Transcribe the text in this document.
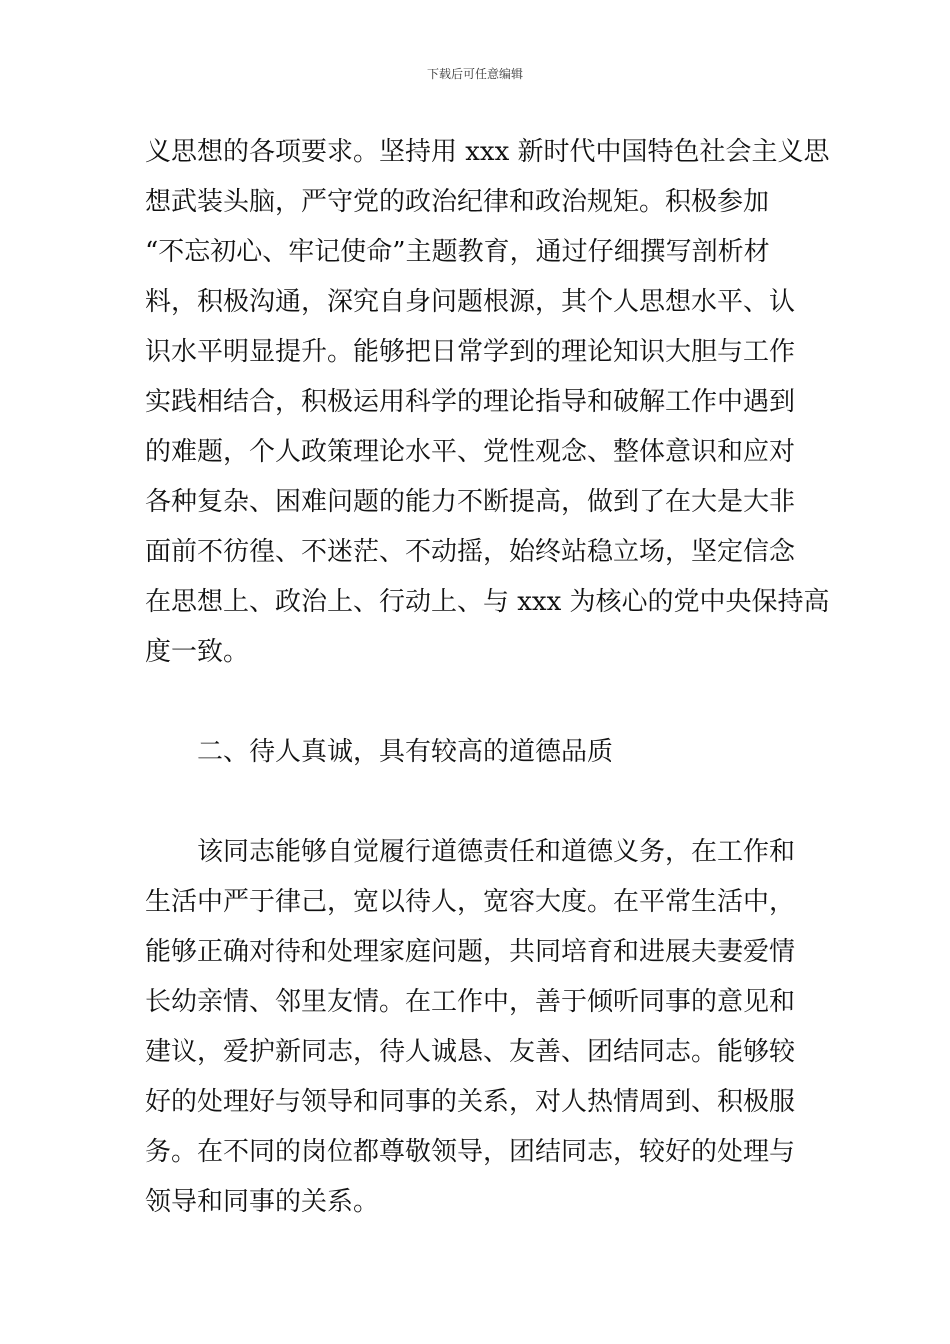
下载后可任意编辑
义思想的各项要求。坚持用 xxx 新时代中国特色社会主义思
想武装头脑，严守党的政治纪律和政治规矩。积极参加
“不忘初心、牢记使命”主题教育，通过仔细撰写剖析材
料，积极沟通，深究自身问题根源，其个人思想水平、认
识水平明显提升。能够把日常学到的理论知识大胆与工作
实践相结合，积极运用科学的理论指导和破解工作中遇到
的难题，个人政策理论水平、党性观念、整体意识和应对
各种复杂、困难问题的能力不断提高，做到了在大是大非
面前不彷徨、不迷茫、不动摇，始终站稳立场，坚定信念
在思想上、政治上、行动上、与 xxx 为核心的党中央保持高
度一致。
二、待人真诚，具有较高的道德品质
该同志能够自觉履行道德责任和道德义务，在工作和
生活中严于律己，宽以待人，宽容大度。在平常生活中，
能够正确对待和处理家庭问题，共同培育和进展夫妻爱情
长幼亲情、邻里友情。在工作中，善于倾听同事的意见和
建议，爱护新同志，待人诚恳、友善、团结同志。能够较
好的处理好与领导和同事的关系，对人热情周到、积极服
务。在不同的岗位都尊敬领导，团结同志，较好的处理与
领导和同事的关系。
